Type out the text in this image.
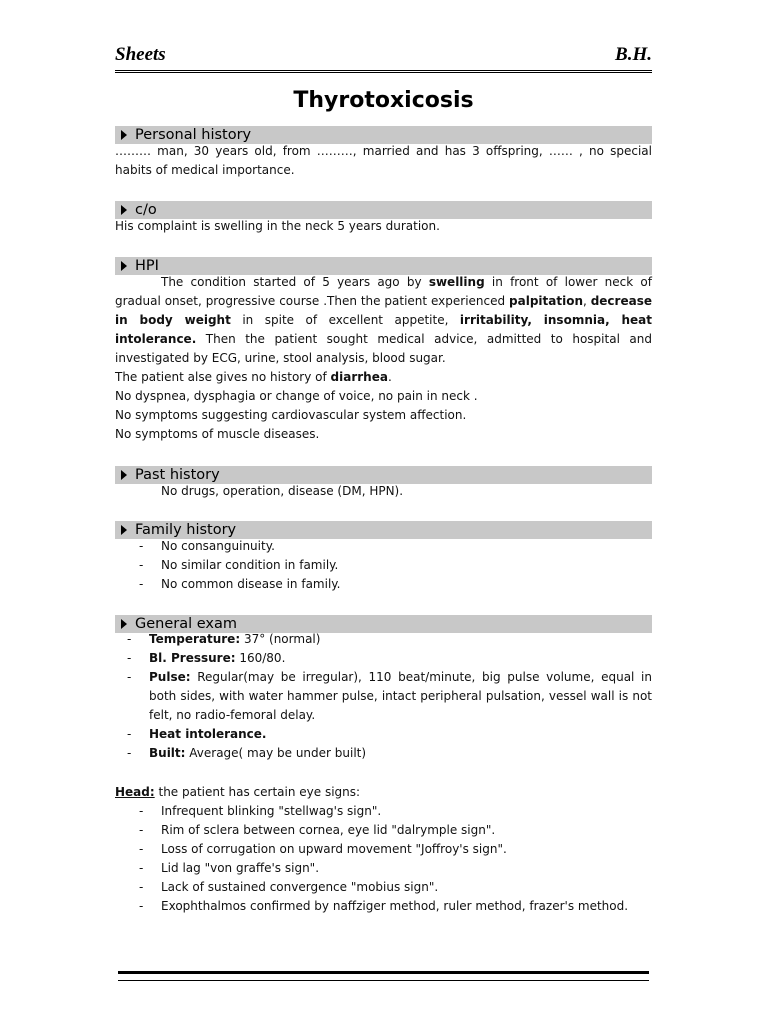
Sheets	B.H.
Thyrotoxicosis
Personal history
……… man, 30 years old, from ………, married and has 3 offspring, …… , no special habits of medical importance.
c/o
His complaint is swelling in the neck 5 years duration.
HPI
The condition started of 5 years ago by swelling in front of lower neck of gradual onset, progressive course .Then the patient experienced palpitation, decrease in body weight in spite of excellent appetite, irritability, insomnia, heat intolerance. Then the patient sought medical advice, admitted to hospital and investigated by ECG, urine, stool analysis, blood sugar.
The patient alse gives no history of diarrhea.
No dyspnea, dysphagia or change of voice, no pain in neck .
No symptoms suggesting cardiovascular system affection.
No symptoms of muscle diseases.
Past history
No drugs, operation, disease (DM, HPN).
Family history
- No consanguinuity.
- No similar condition in family.
- No common disease in family.
General exam
- Temperature: 37° (normal)
- Bl. Pressure: 160/80.
- Pulse: Regular(may be irregular), 110 beat/minute, big pulse volume, equal in both sides, with water hammer pulse, intact peripheral pulsation, vessel wall is not felt, no radio-femoral delay.
- Heat intolerance.
- Built: Average( may be under built)
Head: the patient has certain eye signs:
- Infrequent blinking "stellwag's sign".
- Rim of sclera between cornea, eye lid "dalrymple sign".
- Loss of corrugation on upward movement "Joffroy's sign".
- Lid lag "von graffe's sign".
- Lack of sustained convergence "mobius sign".
- Exophthalmos confirmed by naffziger method, ruler method, frazer's method.
